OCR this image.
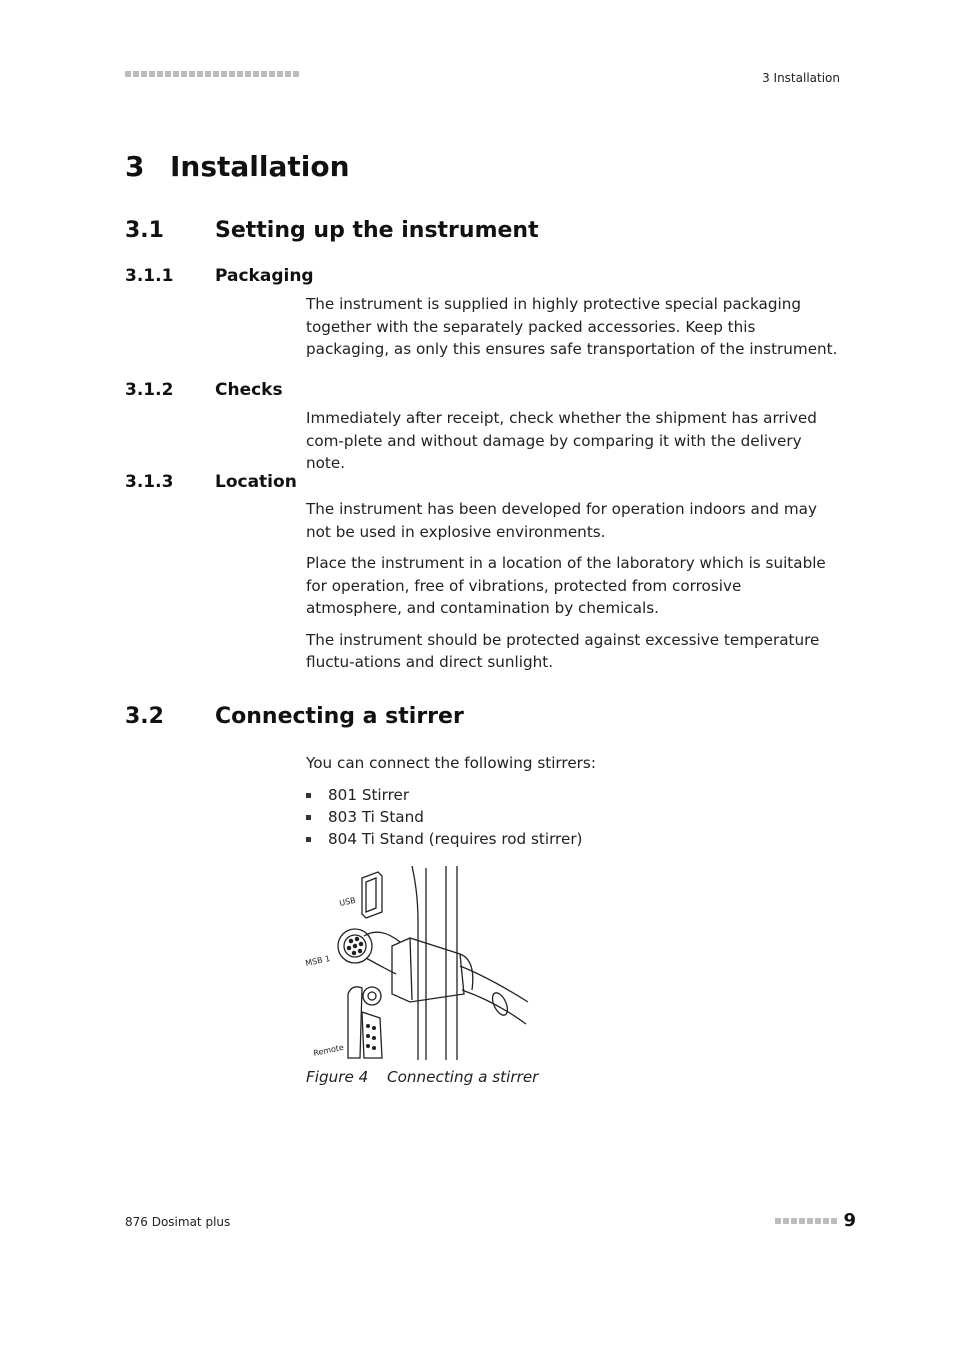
3 Installation
3 Installation
3.1 Setting up the instrument
3.1.1 Packaging

The instrument is supplied in highly protective special packaging together with the separately packed accessories. Keep this packaging, as only this ensures safe transportation of the instrument.

3.1.2 Checks

Immediately after receipt, check whether the shipment has arrived com-plete and without damage by comparing it with the delivery note.

3.1.3 Location

The instrument has been developed for operation indoors and may not be used in explosive environments.

Place the instrument in a location of the laboratory which is suitable for operation, free of vibrations, protected from corrosive atmosphere, and contamination by chemicals.

The instrument should be protected against excessive temperature fluctu-ations and direct sunlight.

3.2 Connecting a stirrer

You can connect the following stirrers:

801 Stirrer
803 Ti Stand
804 Ti Stand (requires rod stirrer)
USB
MSB 1
Remote
Figure 4 Connecting a stirrer
876 Dosimat plus	9
